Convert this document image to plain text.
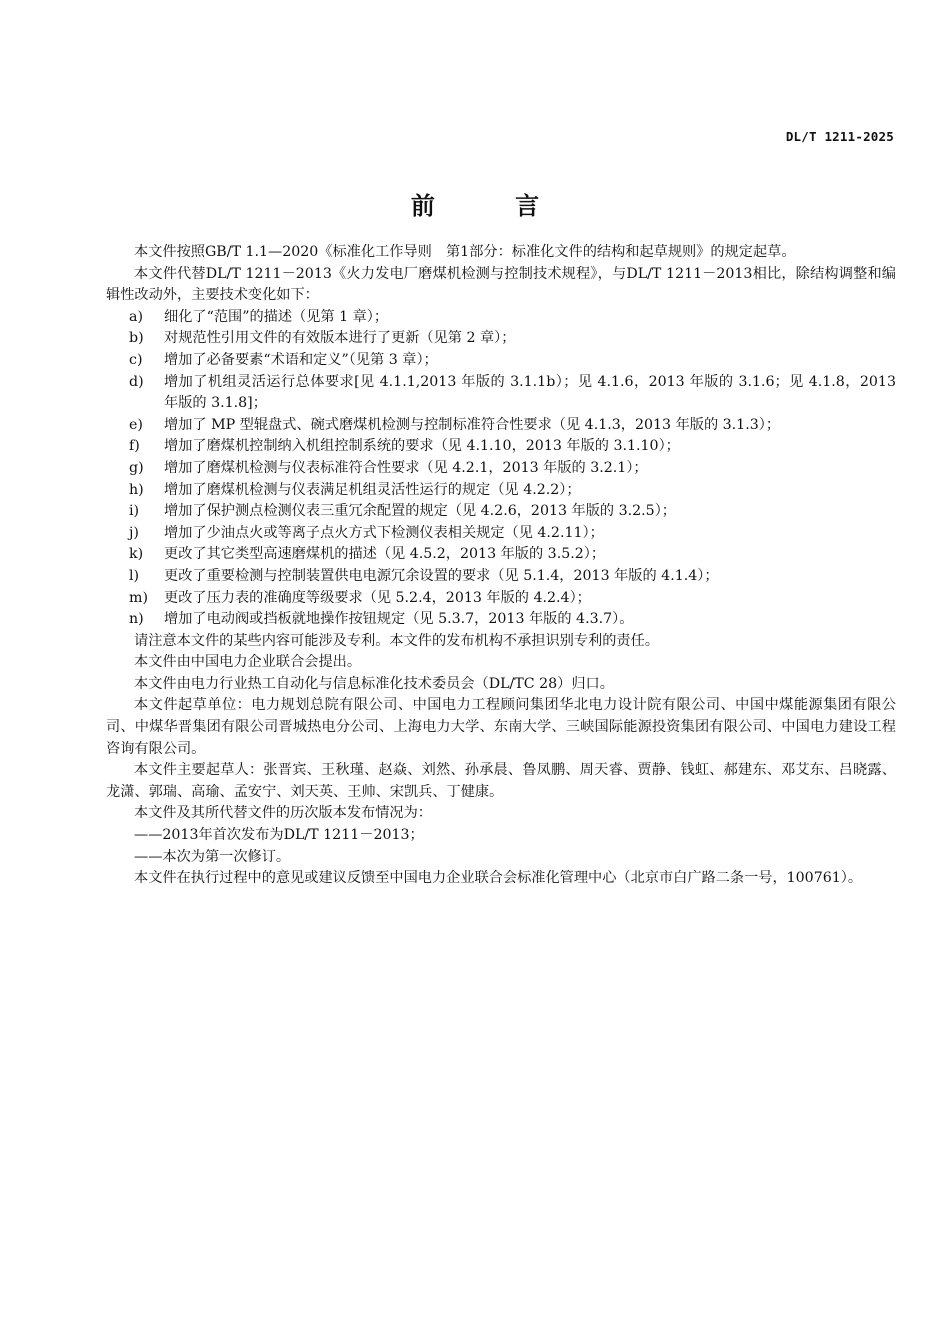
DL/T 1211-2025
前 言

本文件按照GB/T 1.1—2020《标准化工作导则　第1部分：标准化文件的结构和起草规则》的规定起草。

本文件代替DL/T 1211－2013《火力发电厂磨煤机检测与控制技术规程》，与DL/T 1211－2013相比，除结构调整和编辑性改动外，主要技术变化如下：

a) 细化了“范围”的描述（见第 1 章）；

b) 对规范性引用文件的有效版本进行了更新（见第 2 章）；

c) 增加了必备要素“术语和定义”（见第 3 章）；

d) 增加了机组灵活运行总体要求[见 4.1.1,2013 年版的 3.1.1b）；见 4.1.6，2013 年版的 3.1.6；见 4.1.8，2013 年版的 3.1.8]；

e) 增加了 MP 型辊盘式、碗式磨煤机检测与控制标准符合性要求（见 4.1.3，2013 年版的 3.1.3）；

f) 增加了磨煤机控制纳入机组控制系统的要求（见 4.1.10，2013 年版的 3.1.10）；

g) 增加了磨煤机检测与仪表标准符合性要求（见 4.2.1，2013 年版的 3.2.1）；

h) 增加了磨煤机检测与仪表满足机组灵活性运行的规定（见 4.2.2）；

i) 增加了保护测点检测仪表三重冗余配置的规定（见 4.2.6，2013 年版的 3.2.5）；

j) 增加了少油点火或等离子点火方式下检测仪表相关规定（见 4.2.11）；

k) 更改了其它类型高速磨煤机的描述（见 4.5.2，2013 年版的 3.5.2）；

l) 更改了重要检测与控制装置供电电源冗余设置的要求（见 5.1.4，2013 年版的 4.1.4）；

m) 更改了压力表的准确度等级要求（见 5.2.4，2013 年版的 4.2.4）；

n) 增加了电动阀或挡板就地操作按钮规定（见 5.3.7，2013 年版的 4.3.7）。

请注意本文件的某些内容可能涉及专利。本文件的发布机构不承担识别专利的责任。

本文件由中国电力企业联合会提出。

本文件由电力行业热工自动化与信息标准化技术委员会（DL/TC 28）归口。

本文件起草单位：电力规划总院有限公司、中国电力工程顾问集团华北电力设计院有限公司、中国中煤能源集团有限公司、中煤华晋集团有限公司晋城热电分公司、上海电力大学、东南大学、三峡国际能源投资集团有限公司、中国电力建设工程咨询有限公司。

本文件主要起草人：张晋宾、王秋瑾、赵焱、刘然、孙承晨、鲁凤鹏、周天睿、贾静、钱虹、郝建东、邓艾东、吕晓露、龙潇、郭瑞、高瑜、孟安宁、刘天英、王帅、宋凯兵、丁健康。

本文件及其所代替文件的历次版本发布情况为：

——2013年首次发布为DL/T 1211－2013；

——本次为第一次修订。

本文件在执行过程中的意见或建议反馈至中国电力企业联合会标准化管理中心（北京市白广路二条一号，100761）。
